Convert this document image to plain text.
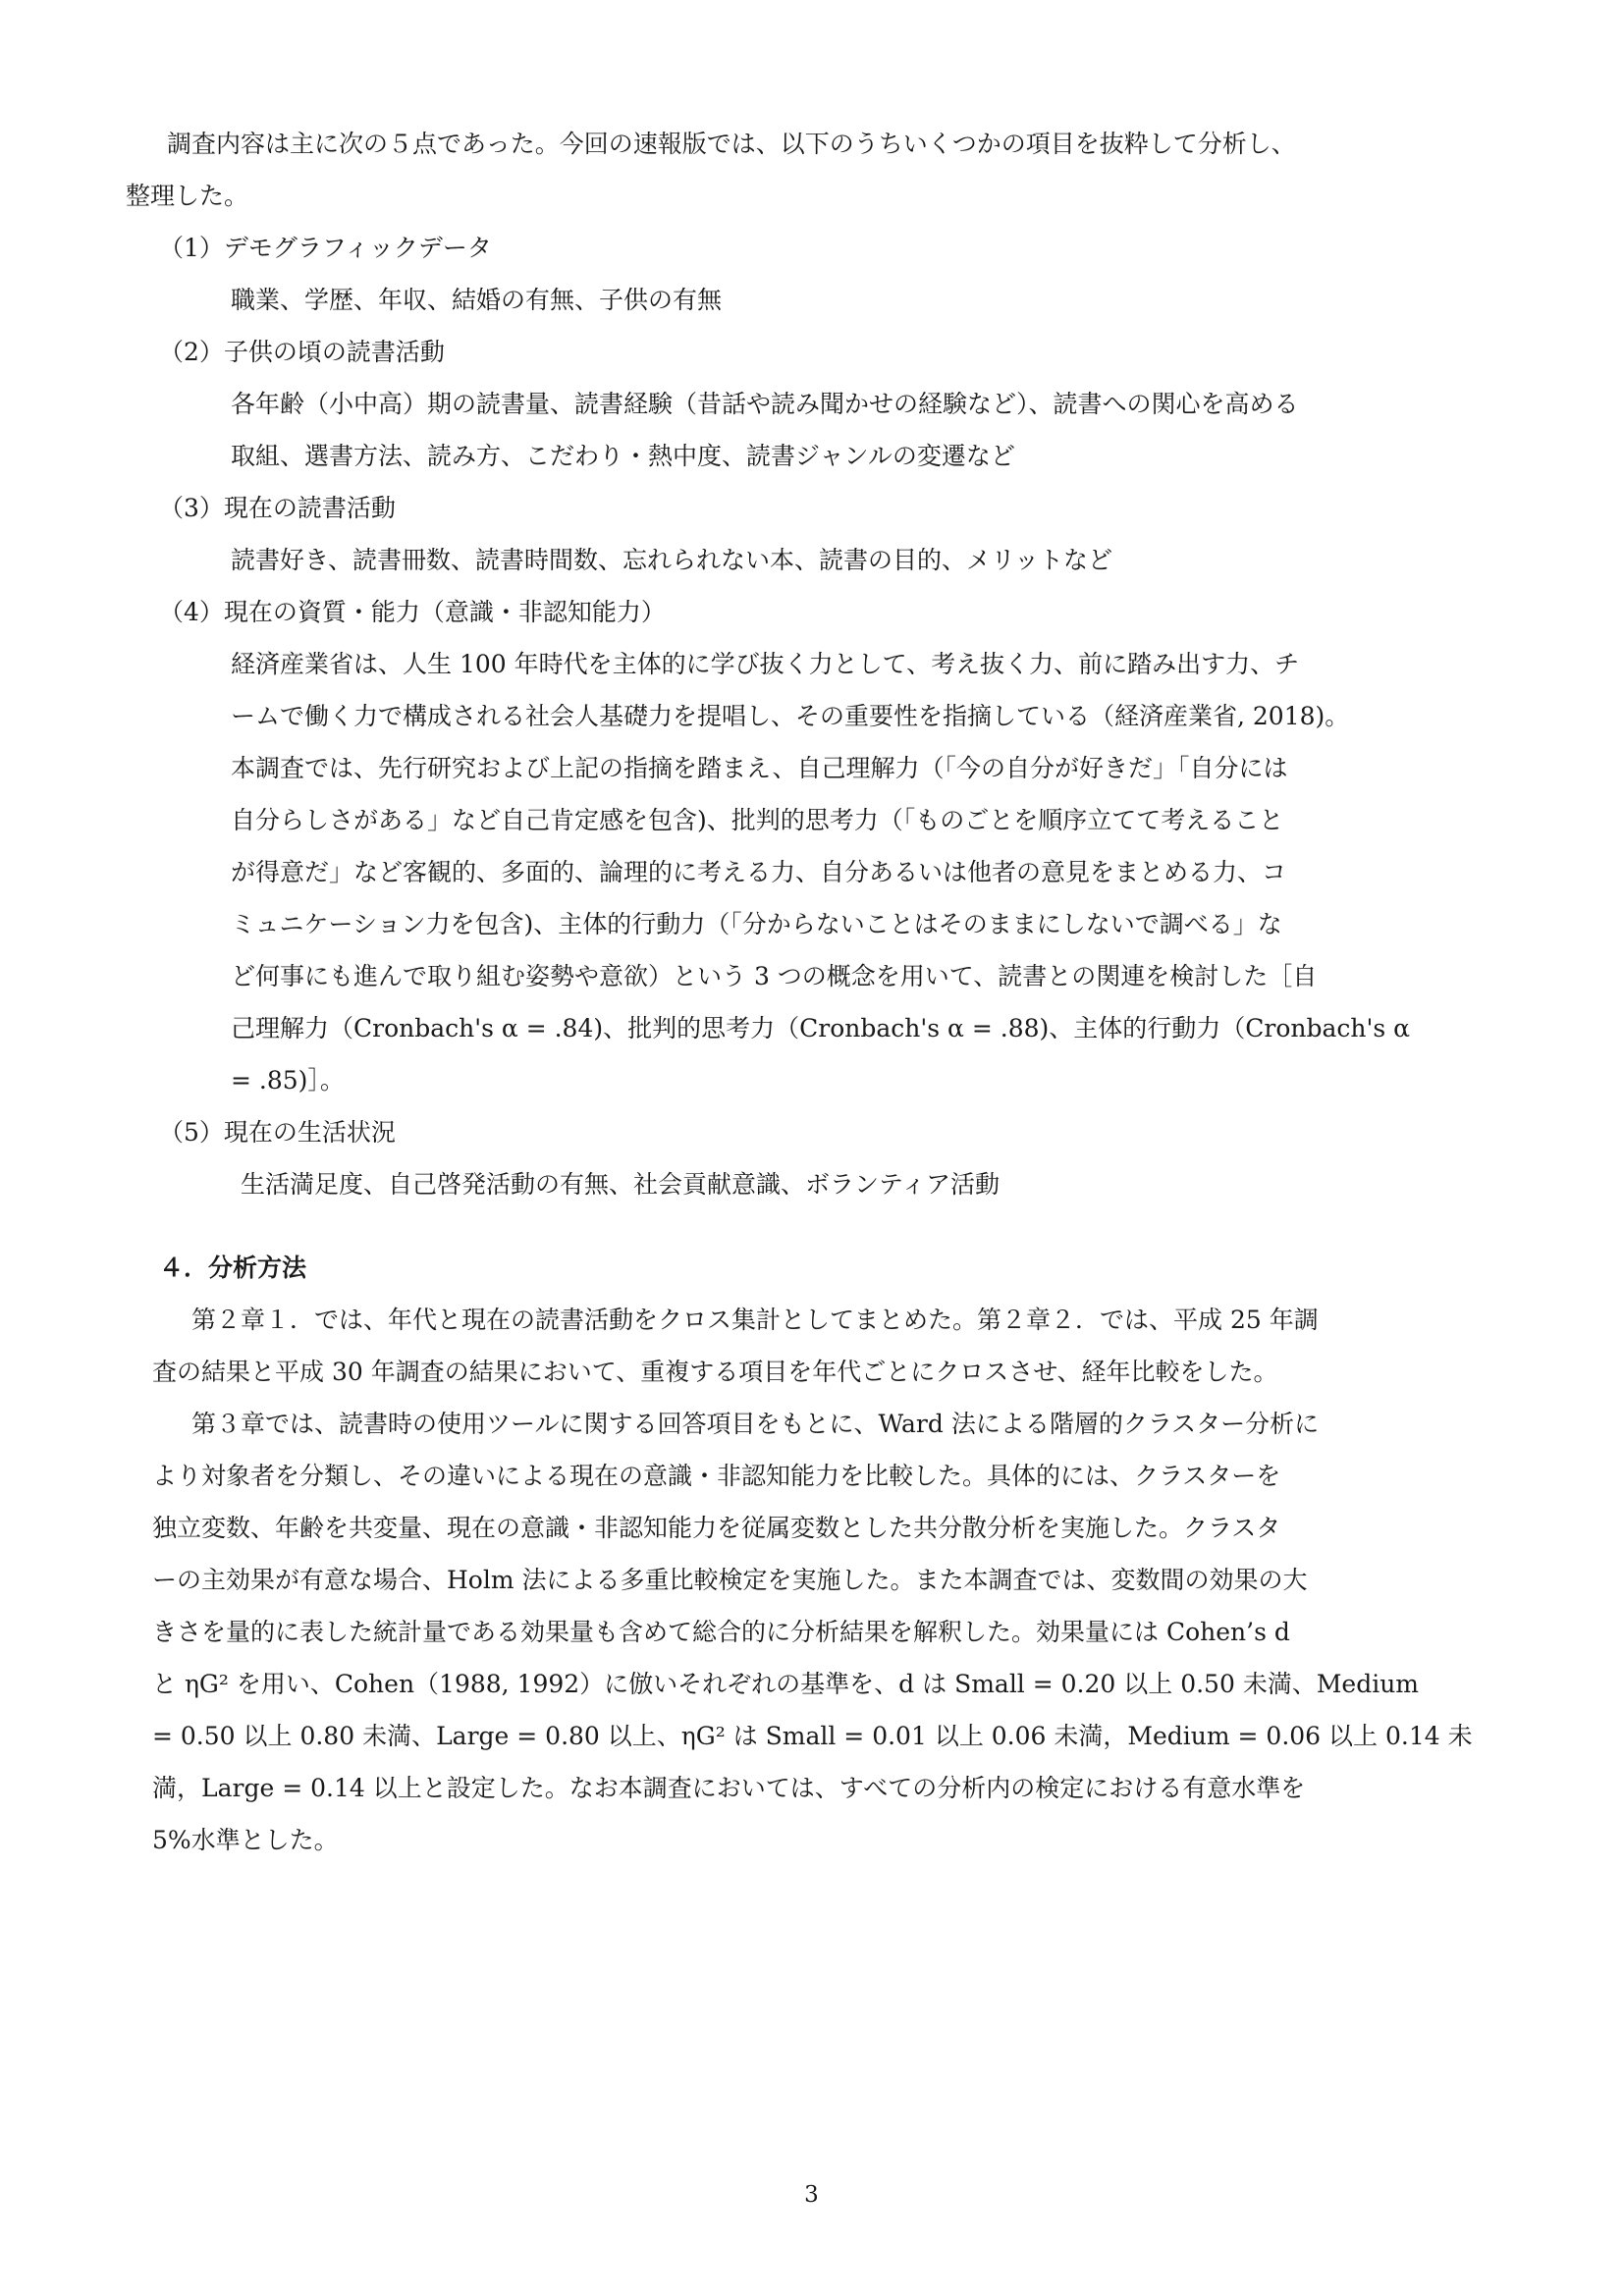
調査内容は主に次の５点であった。今回の速報版では、以下のうちいくつかの項目を抜粋して分析し、
整理した。
（1）デモグラフィックデータ
職業、学歴、年収、結婚の有無、子供の有無
（2）子供の頃の読書活動
各年齢（小中高）期の読書量、読書経験（昔話や読み聞かせの経験など）、読書への関心を高める
取組、選書方法、読み方、こだわり・熱中度、読書ジャンルの変遷など
（3）現在の読書活動
読書好き、読書冊数、読書時間数、忘れられない本、読書の目的、メリットなど
（4）現在の資質・能力（意識・非認知能力）
経済産業省は、人生 100 年時代を主体的に学び抜く力として、考え抜く力、前に踏み出す力、チ
ームで働く力で構成される社会人基礎力を提唱し、その重要性を指摘している（経済産業省, 2018)。
本調査では、先行研究および上記の指摘を踏まえ、自己理解力（「今の自分が好きだ」「自分には
自分らしさがある」など自己肯定感を包含)、批判的思考力（「ものごとを順序立てて考えること
が得意だ」など客観的、多面的、論理的に考える力、自分あるいは他者の意見をまとめる力、コ
ミュニケーション力を包含)、主体的行動力（「分からないことはそのままにしないで調べる」な
ど何事にも進んで取り組む姿勢や意欲）という 3 つの概念を用いて、読書との関連を検討した［自
己理解力（Cronbach's α = .84)、批判的思考力（Cronbach's α = .88)、主体的行動力（Cronbach's α
= .85)］。
（5）現在の生活状況
生活満足度、自己啓発活動の有無、社会貢献意識、ボランティア活動
４．分析方法
第２章１．では、年代と現在の読書活動をクロス集計としてまとめた。第２章２．では、平成 25 年調
査の結果と平成 30 年調査の結果において、重複する項目を年代ごとにクロスさせ、経年比較をした。
第３章では、読書時の使用ツールに関する回答項目をもとに、Ward 法による階層的クラスター分析に
より対象者を分類し、その違いによる現在の意識・非認知能力を比較した。具体的には、クラスターを
独立変数、年齢を共変量、現在の意識・非認知能力を従属変数とした共分散分析を実施した。クラスタ
ーの主効果が有意な場合、Holm 法による多重比較検定を実施した。また本調査では、変数間の効果の大
きさを量的に表した統計量である効果量も含めて総合的に分析結果を解釈した。効果量には Cohen’s d
と ηG² を用い、Cohen（1988, 1992）に倣いそれぞれの基準を、d は Small = 0.20 以上 0.50 未満、Medium
= 0.50 以上 0.80 未満、Large = 0.80 以上、ηG² は Small = 0.01 以上 0.06 未満，Medium = 0.06 以上 0.14 未
満，Large = 0.14 以上と設定した。なお本調査においては、すべての分析内の検定における有意水準を
5%水準とした。
3
